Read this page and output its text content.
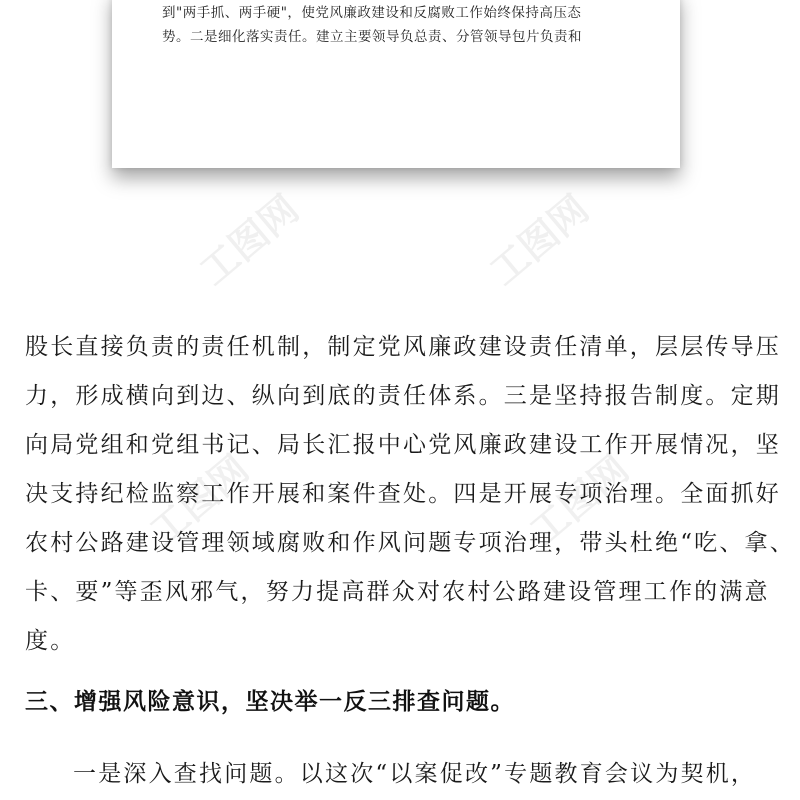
到"两手抓、两手硬"，使党风廉政建设和反腐败工作始终保持高压态
势。二是细化落实责任。建立主要领导负总责、分管领导包片负责和
工图网	工图网
工图网	工图网
股长直接负责的责任机制，制定党风廉政建设责任清单，层层传导压
力，形成横向到边、纵向到底的责任体系。三是坚持报告制度。定期
向局党组和党组书记、局长汇报中心党风廉政建设工作开展情况，坚
决支持纪检监察工作开展和案件查处。四是开展专项治理。全面抓好
农村公路建设管理领域腐败和作风问题专项治理，带头杜绝“吃、拿、
卡、要”等歪风邪气，努力提高群众对农村公路建设管理工作的满意
度。
三、增强风险意识，坚决举一反三排查问题。
一是深入查找问题。以这次“以案促改”专题教育会议为契机，
